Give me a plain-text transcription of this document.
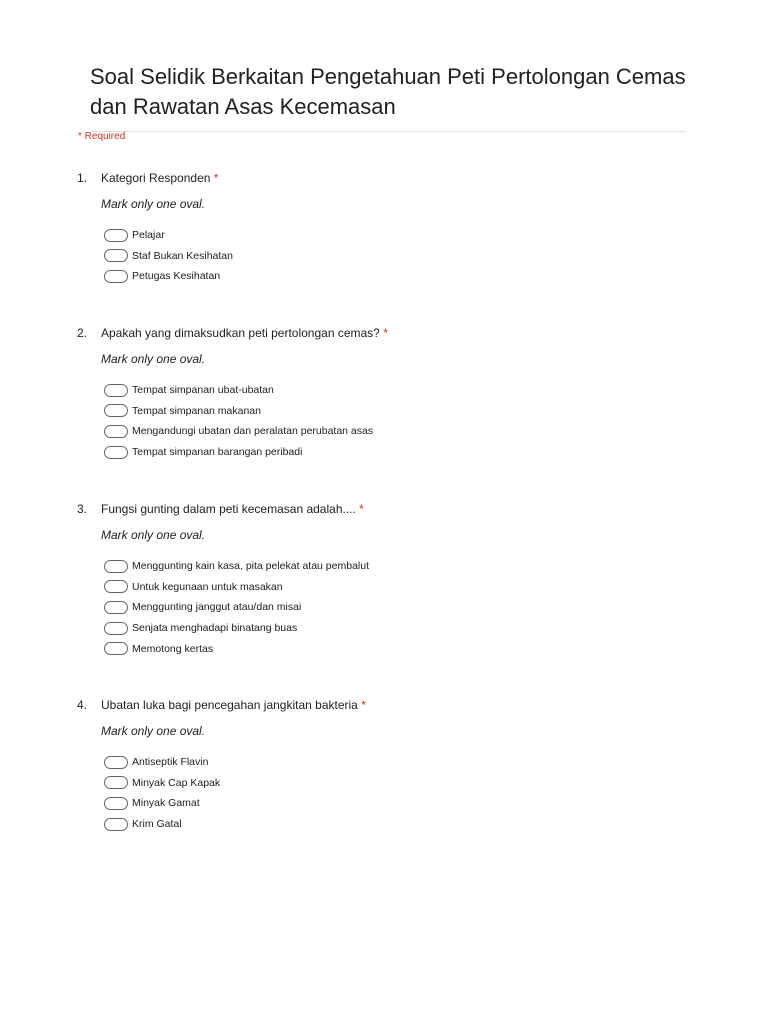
Soal Selidik Berkaitan Pengetahuan Peti Pertolongan Cemas dan Rawatan Asas Kecemasan
* Required
1.	Kategori Responden *
Mark only one oval.
Pelajar
Staf Bukan Kesihatan
Petugas Kesihatan
2.	Apakah yang dimaksudkan peti pertolongan cemas? *
Mark only one oval.
Tempat simpanan ubat-ubatan
Tempat simpanan makanan
Mengandungi ubatan dan peralatan perubatan asas
Tempat simpanan barangan peribadi
3.	Fungsi gunting dalam peti kecemasan adalah.... *
Mark only one oval.
Menggunting kain kasa, pita pelekat atau pembalut
Untuk kegunaan untuk masakan
Menggunting janggut atau/dan misai
Senjata menghadapi binatang buas
Memotong kertas
4.	Ubatan luka bagi pencegahan jangkitan bakteria *
Mark only one oval.
Antiseptik Flavin
Minyak Cap Kapak
Minyak Gamat
Krim Gatal
